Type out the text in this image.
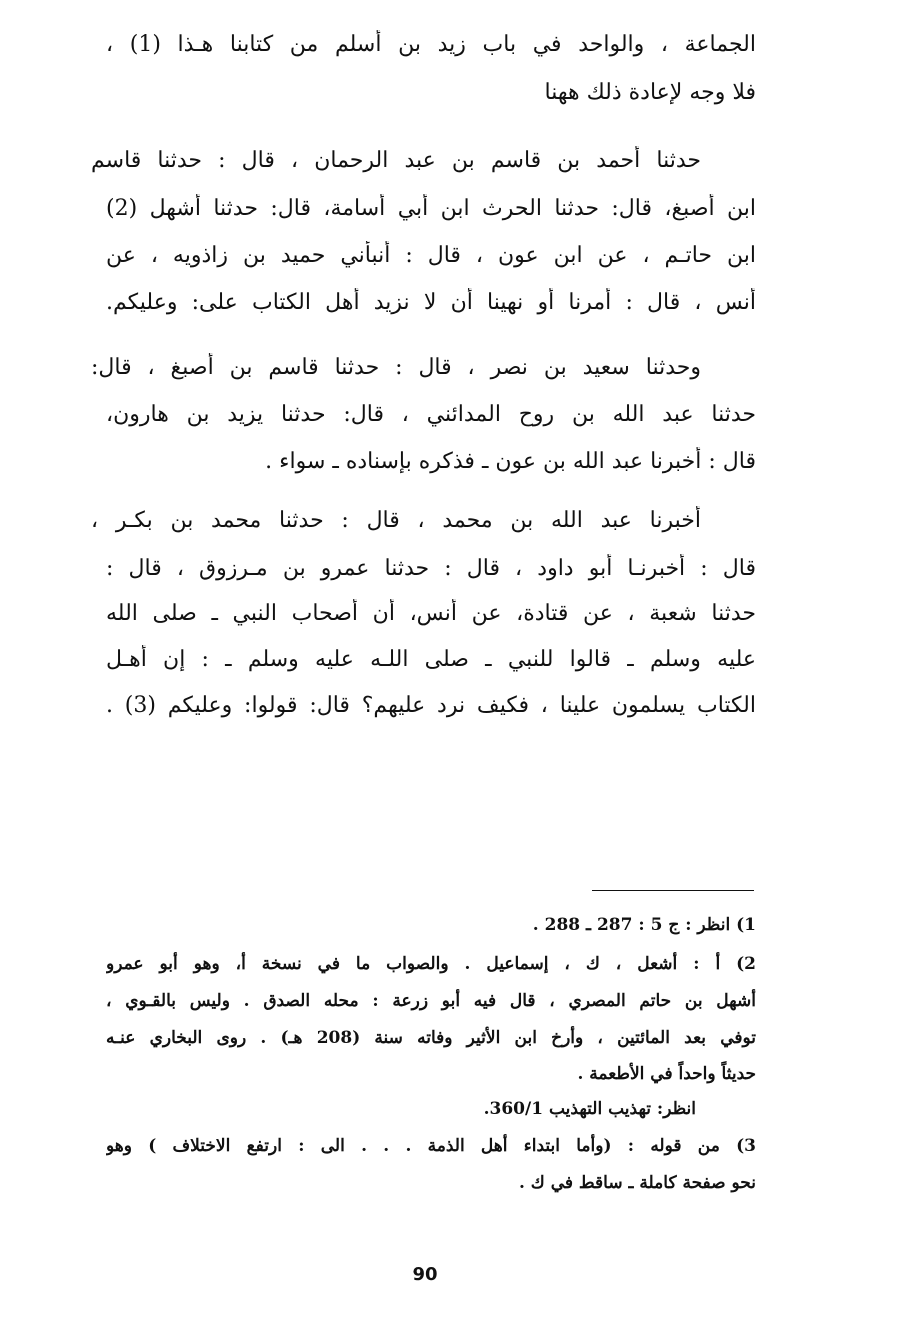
الجماعة ، والواحد في باب زيد بن أسلم من كتابنا هـذا (1) ،
فلا وجه لإعادة ذلك ههنا
حدثنا أحمد بن قاسم بن عبد الرحمان ، قال : حدثنا قاسم
ابن أصبغ، قال: حدثنا الحرث ابن أبي أسامة، قال: حدثنا أشهل (2)
ابن حاتـم ، عن ابن عون ، قال : أنبأني حميد بن زاذويه ، عن
أنس ، قال : أمرنا أو نهينا أن لا نزيد أهل الكتاب على: وعليكم.
وحدثنا سعيد بن نصر ، قال : حدثنا قاسم بن أصبغ ، قال:
حدثنا عبد الله بن روح المدائني ، قال: حدثنا يزيد بن هارون،
قال : أخبرنا عبد الله بن عون ـ فذكره بإسناده ـ سواء .
أخبرنا عبد الله بن محمد ، قال : حدثنا محمد بن بكـر ،
قال : أخبرنـا أبو داود ، قال : حدثنا عمرو بن مـرزوق ، قال :
حدثنا شعبة ، عن قتادة، عن أنس، أن أصحاب النبي ـ صلى الله
عليه وسلم ـ قالوا للنبي ـ صلى اللـه عليه وسلم ـ : إن أهـل
الكتاب يسلمون علينا ، فكيف نرد عليهم؟ قال: قولوا: وعليكم (3) .
1) انظر : ج 5 : 287 ـ 288 .
2) أ : أشعل ، ك ، إسماعيل . والصواب ما في نسخة أ، وهو أبو عمرو
أشهل بن حاتم المصري ، قال فيه أبو زرعة : محله الصدق . وليس بالقـوي ،
توفي بعد المائتين ، وأرخ ابن الأثير وفاته سنة (208 هـ) . روى البخاري عنـه
حديثاً واحداً في الأطعمة .
انظر: تهذيب التهذيب 360/1.
3) من قوله : (وأما ابتداء أهل الذمة . . . الى : ارتفع الاختلاف ) وهو
نحو صفحة كاملة ـ ساقط في ك .
90
